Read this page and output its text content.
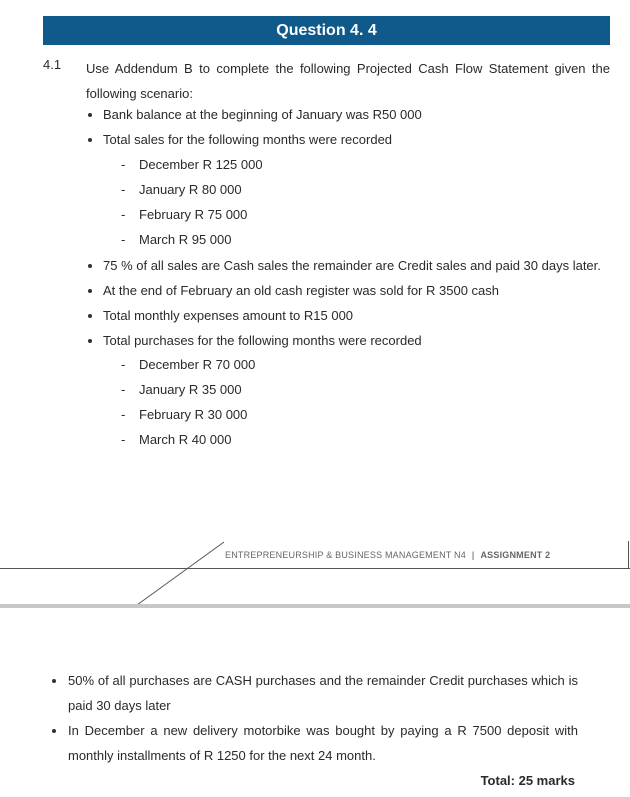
Question 4. 4
4.1 Use Addendum B to complete the following Projected Cash Flow Statement given the following scenario:
Bank balance at the beginning of January was R50 000
Total sales for the following months were recorded
- December R 125 000
- January R 80 000
- February R 75 000
- March R 95 000
75 % of all sales are Cash sales the remainder are Credit sales and paid 30 days later.
At the end of February an old cash register was sold for R 3500 cash
Total monthly expenses amount to R15 000
Total purchases for the following months were recorded
- December R 70 000
- January R 35 000
- February R 30 000
- March R 40 000
ENTREPRENEURSHIP & BUSINESS MANAGEMENT N4 | ASSIGNMENT 2
50% of all purchases are CASH purchases and the remainder Credit purchases which is paid 30 days later
In December a new delivery motorbike was bought by paying a R 7500 deposit with monthly installments of R 1250 for the next 24 month.
Total: 25 marks
